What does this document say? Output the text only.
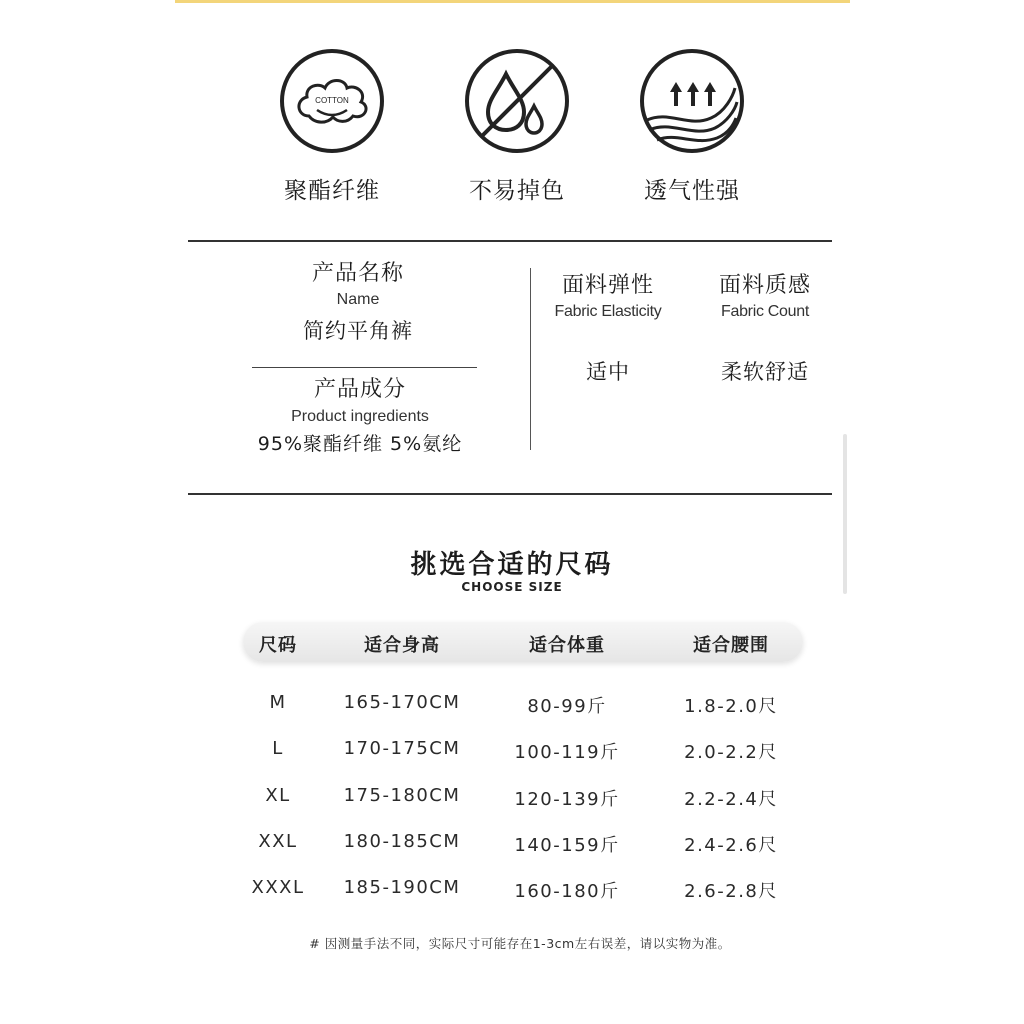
COTTON
聚酯纤维	不易掉色	透气性强
产品名称
Name
简约平角裤
产品成分
Product ingredients
95%聚酯纤维 5%氨纶
面料弹性
Fabric Elasticity
适中
面料质感
Fabric Count
柔软舒适
挑选合适的尺码
CHOOSE SIZE
尺码	适合身高	适合体重	适合腰围
M	165-170CM	80-99斤	1.8-2.0尺
L	170-175CM	100-119斤	2.0-2.2尺
XL	175-180CM	120-139斤	2.2-2.4尺
XXL	180-185CM	140-159斤	2.4-2.6尺
XXXL	185-190CM	160-180斤	2.6-2.8尺
# 因测量手法不同，实际尺寸可能存在1-3cm左右误差，请以实物为准。
